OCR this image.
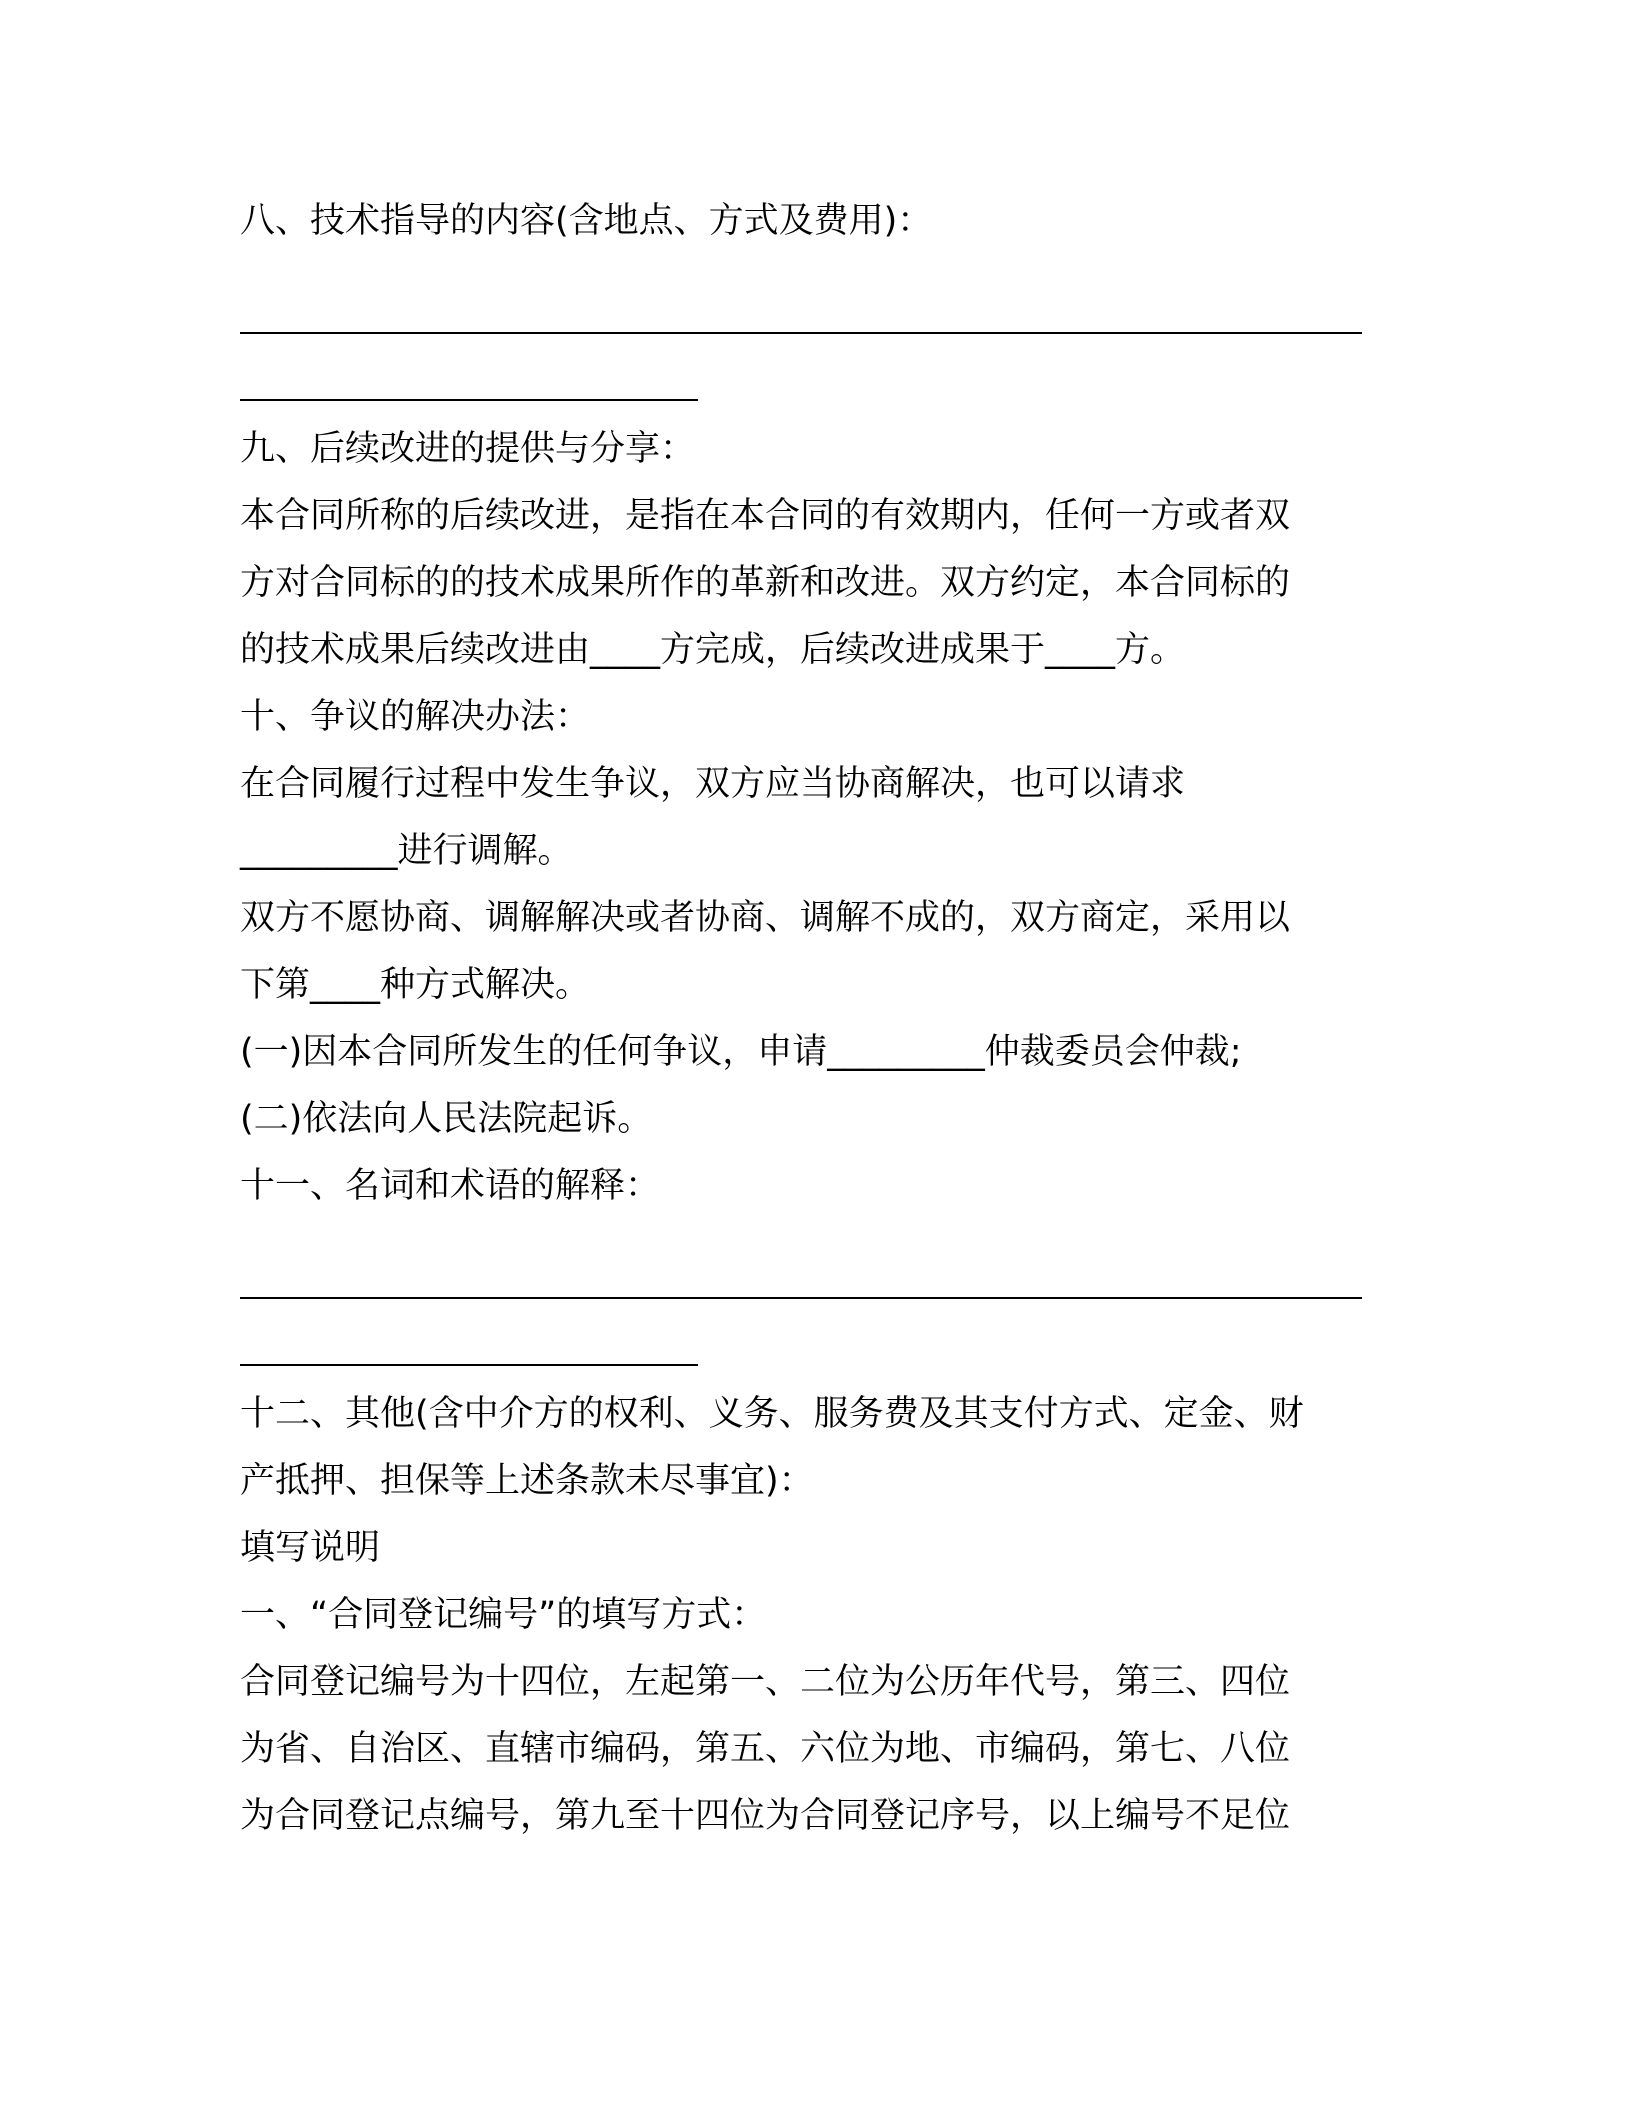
八、技术指导的内容(含地点、方式及费用)：
九、后续改进的提供与分享：
本合同所称的后续改进，是指在本合同的有效期内，任何一方或者双
方对合同标的的技术成果所作的革新和改进。双方约定，本合同标的
的技术成果后续改进由____方完成，后续改进成果于____方。
十、争议的解决办法：
在合同履行过程中发生争议，双方应当协商解决，也可以请求
_________进行调解。
双方不愿协商、调解解决或者协商、调解不成的，双方商定，采用以
下第____种方式解决。
(一)因本合同所发生的任何争议，申请_________仲裁委员会仲裁;
(二)依法向人民法院起诉。
十一、名词和术语的解释：
十二、其他(含中介方的权利、义务、服务费及其支付方式、定金、财
产抵押、担保等上述条款未尽事宜)：
填写说明
一、“合同登记编号”的填写方式：
合同登记编号为十四位，左起第一、二位为公历年代号，第三、四位
为省、自治区、直辖市编码，第五、六位为地、市编码，第七、八位
为合同登记点编号，第九至十四位为合同登记序号，以上编号不足位
